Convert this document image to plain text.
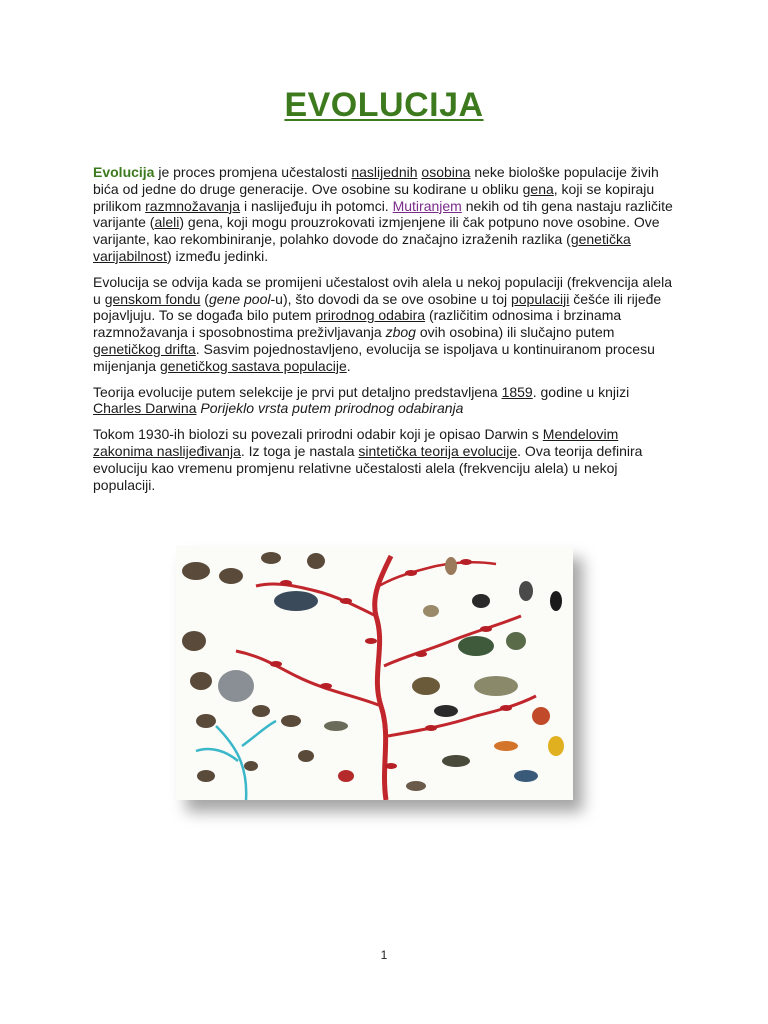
EVOLUCIJA

Evolucija je proces promjena učestalosti naslijednih osobina neke biološke populacije živih bića od jedne do druge generacije. Ove osobine su kodirane u obliku gena, koji se kopiraju prilikom razmnožavanja i naslijeđuju ih potomci. Mutiranjem nekih od tih gena nastaju različite varijante (aleli) gena, koji mogu prouzrokovati izmjenjene ili čak potpuno nove osobine. Ove varijante, kao rekombiniranje, polahko dovode do značajno izraženih razlika (genetička varijabilnost) između jedinki.

Evolucija se odvija kada se promijeni učestalost ovih alela u nekoj populaciji (frekvencija alela u genskom fondu (gene pool-u), što dovodi da se ove osobine u toj populaciji češće ili rijeđe pojavljuju. To se događa bilo putem prirodnog odabira (različitim odnosima i brzinama razmnožavanja i sposobnostima preživljavanja zbog ovih osobina) ili slučajno putem genetičkog drifta. Sasvim pojednostavljeno, evolucija se ispoljava u kontinuiranom procesu mijenjanja genetičkog sastava populacije.

Teorija evolucije putem selekcije je prvi put detaljno predstavljena 1859. godine u knjizi Charles Darwina Porijeklo vrsta putem prirodnog odabiranja

Tokom 1930-ih biolozi su povezali prirodni odabir koji je opisao Darwin s Mendelovim zakonima naslijeđivanja. Iz toga je nastala sintetička teorija evolucije. Ova teorija definira evoluciju kao vremenu promjenu relativne učestalosti alela (frekvenciju alela) u nekoj populaciji.

1
